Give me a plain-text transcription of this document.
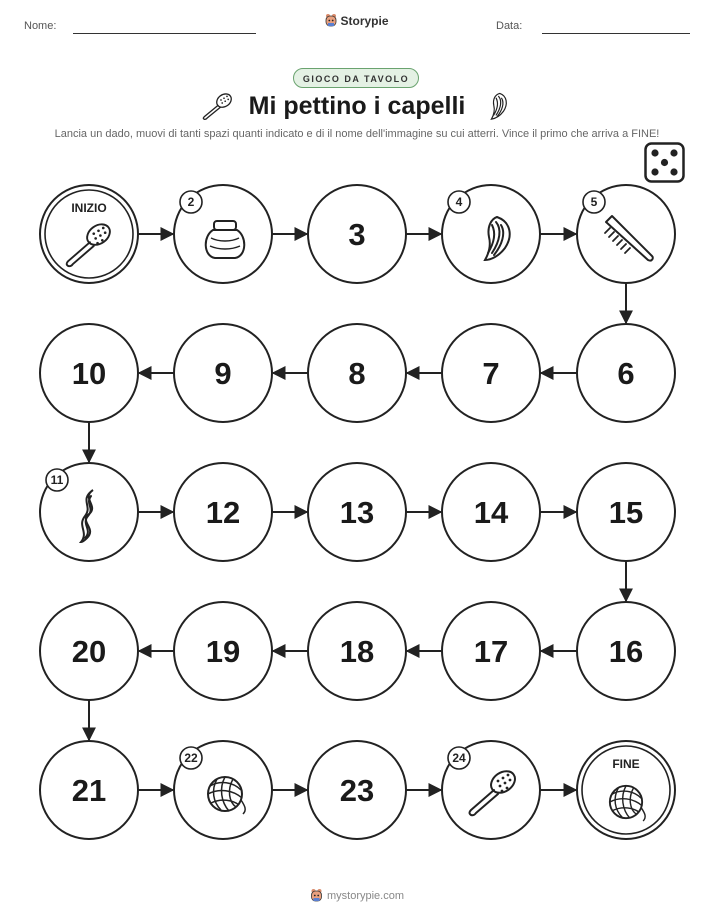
Nome:	Storypie	Data:
GIOCO DA TAVOLO
Mi pettino i capelli
Lancia un dado, muovi di tanti spazi quanti indicato e di il nome dell'immagine su cui atterri. Vince il primo che arriva a FINE!
INIZIO	2
3
4	5
6
7
8
9
10
11
12	13	14	15
16
17
18
19
20
21
22
23
24	FINE
mystorypie.com
